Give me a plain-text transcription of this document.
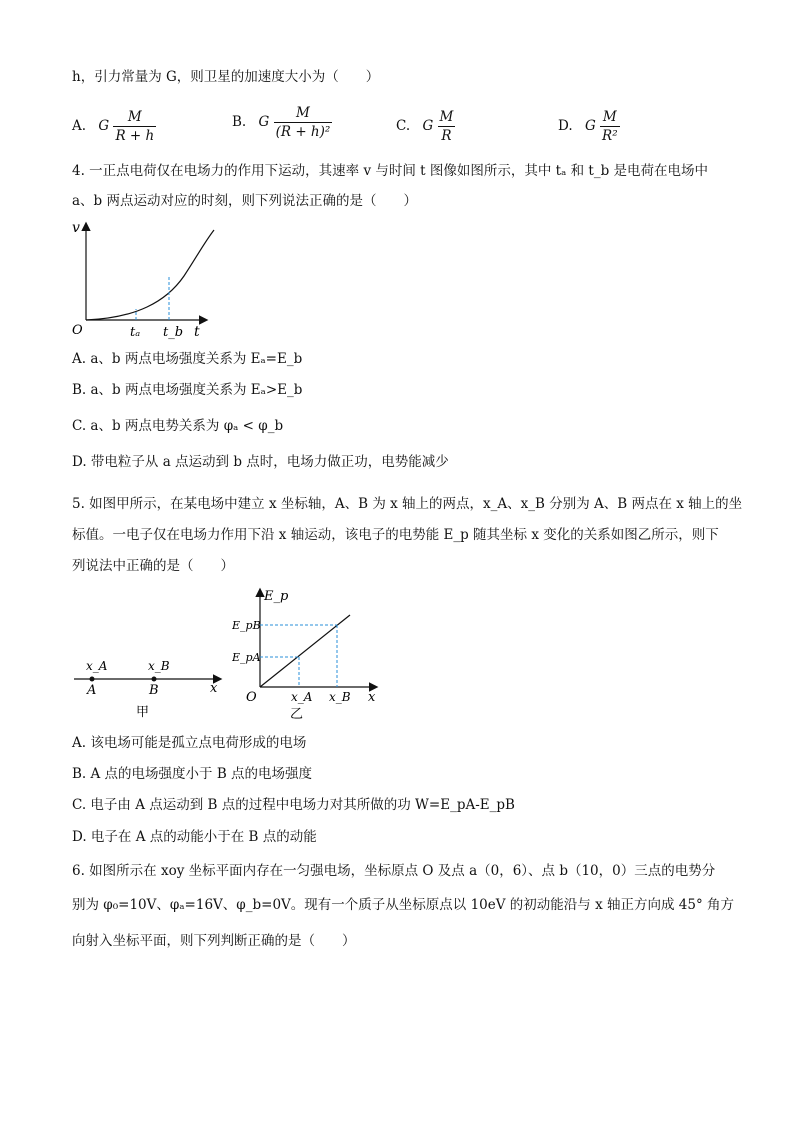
h，引力常量为 G，则卫星的加速度大小为（　　）
A. G $\frac{M}{R + h}$	B. G $\frac{M}{\text{(R + h)²}}$	C. G $\frac{M}{R}$	D. G $\frac{M}{\text{R²}}$
4. 一正点电荷仅在电场力的作用下运动，其速率 v 与时间 t 图像如图所示，其中 tₐ 和 t_b 是电荷在电场中
a、b 两点运动对应的时刻，则下列说法正确的是（　　）
v
O	tₐ t_b t
A. a、b 两点电场强度关系为 Eₐ=E_b
B. a、b 两点电场强度关系为 Eₐ>E_b
C. a、b 两点电势关系为 φₐ < φ_b
D. 带电粒子从 a 点运动到 b 点时，电场力做正功，电势能减少
5. 如图甲所示，在某电场中建立 x 坐标轴，A、B 为 x 轴上的两点，x_A、x_B 分别为 A、B 两点在 x 轴上的坐
标值。一电子仅在电场力作用下沿 x 轴运动，该电子的电势能 E_p 随其坐标 x 变化的关系如图乙所示，则下
列说法中正确的是（　　）
x_A	x_B
A	B	x
甲
E_p
E_pB
E_pA
O	x_A x_B x
乙
A. 该电场可能是孤立点电荷形成的电场
B. A 点的电场强度小于 B 点的电场强度
C. 电子由 A 点运动到 B 点的过程中电场力对其所做的功 W=E_pA-E_pB
D. 电子在 A 点的动能小于在 B 点的动能
6. 如图所示在 xoy 坐标平面内存在一匀强电场，坐标原点 O 及点 a（0，6）、点 b（10，0）三点的电势分
别为 φ₀=10V、φₐ=16V、φ_b=0V。现有一个质子从坐标原点以 10eV 的初动能沿与 x 轴正方向成 45° 角方
向射入坐标平面，则下列判断正确的是（　　）
